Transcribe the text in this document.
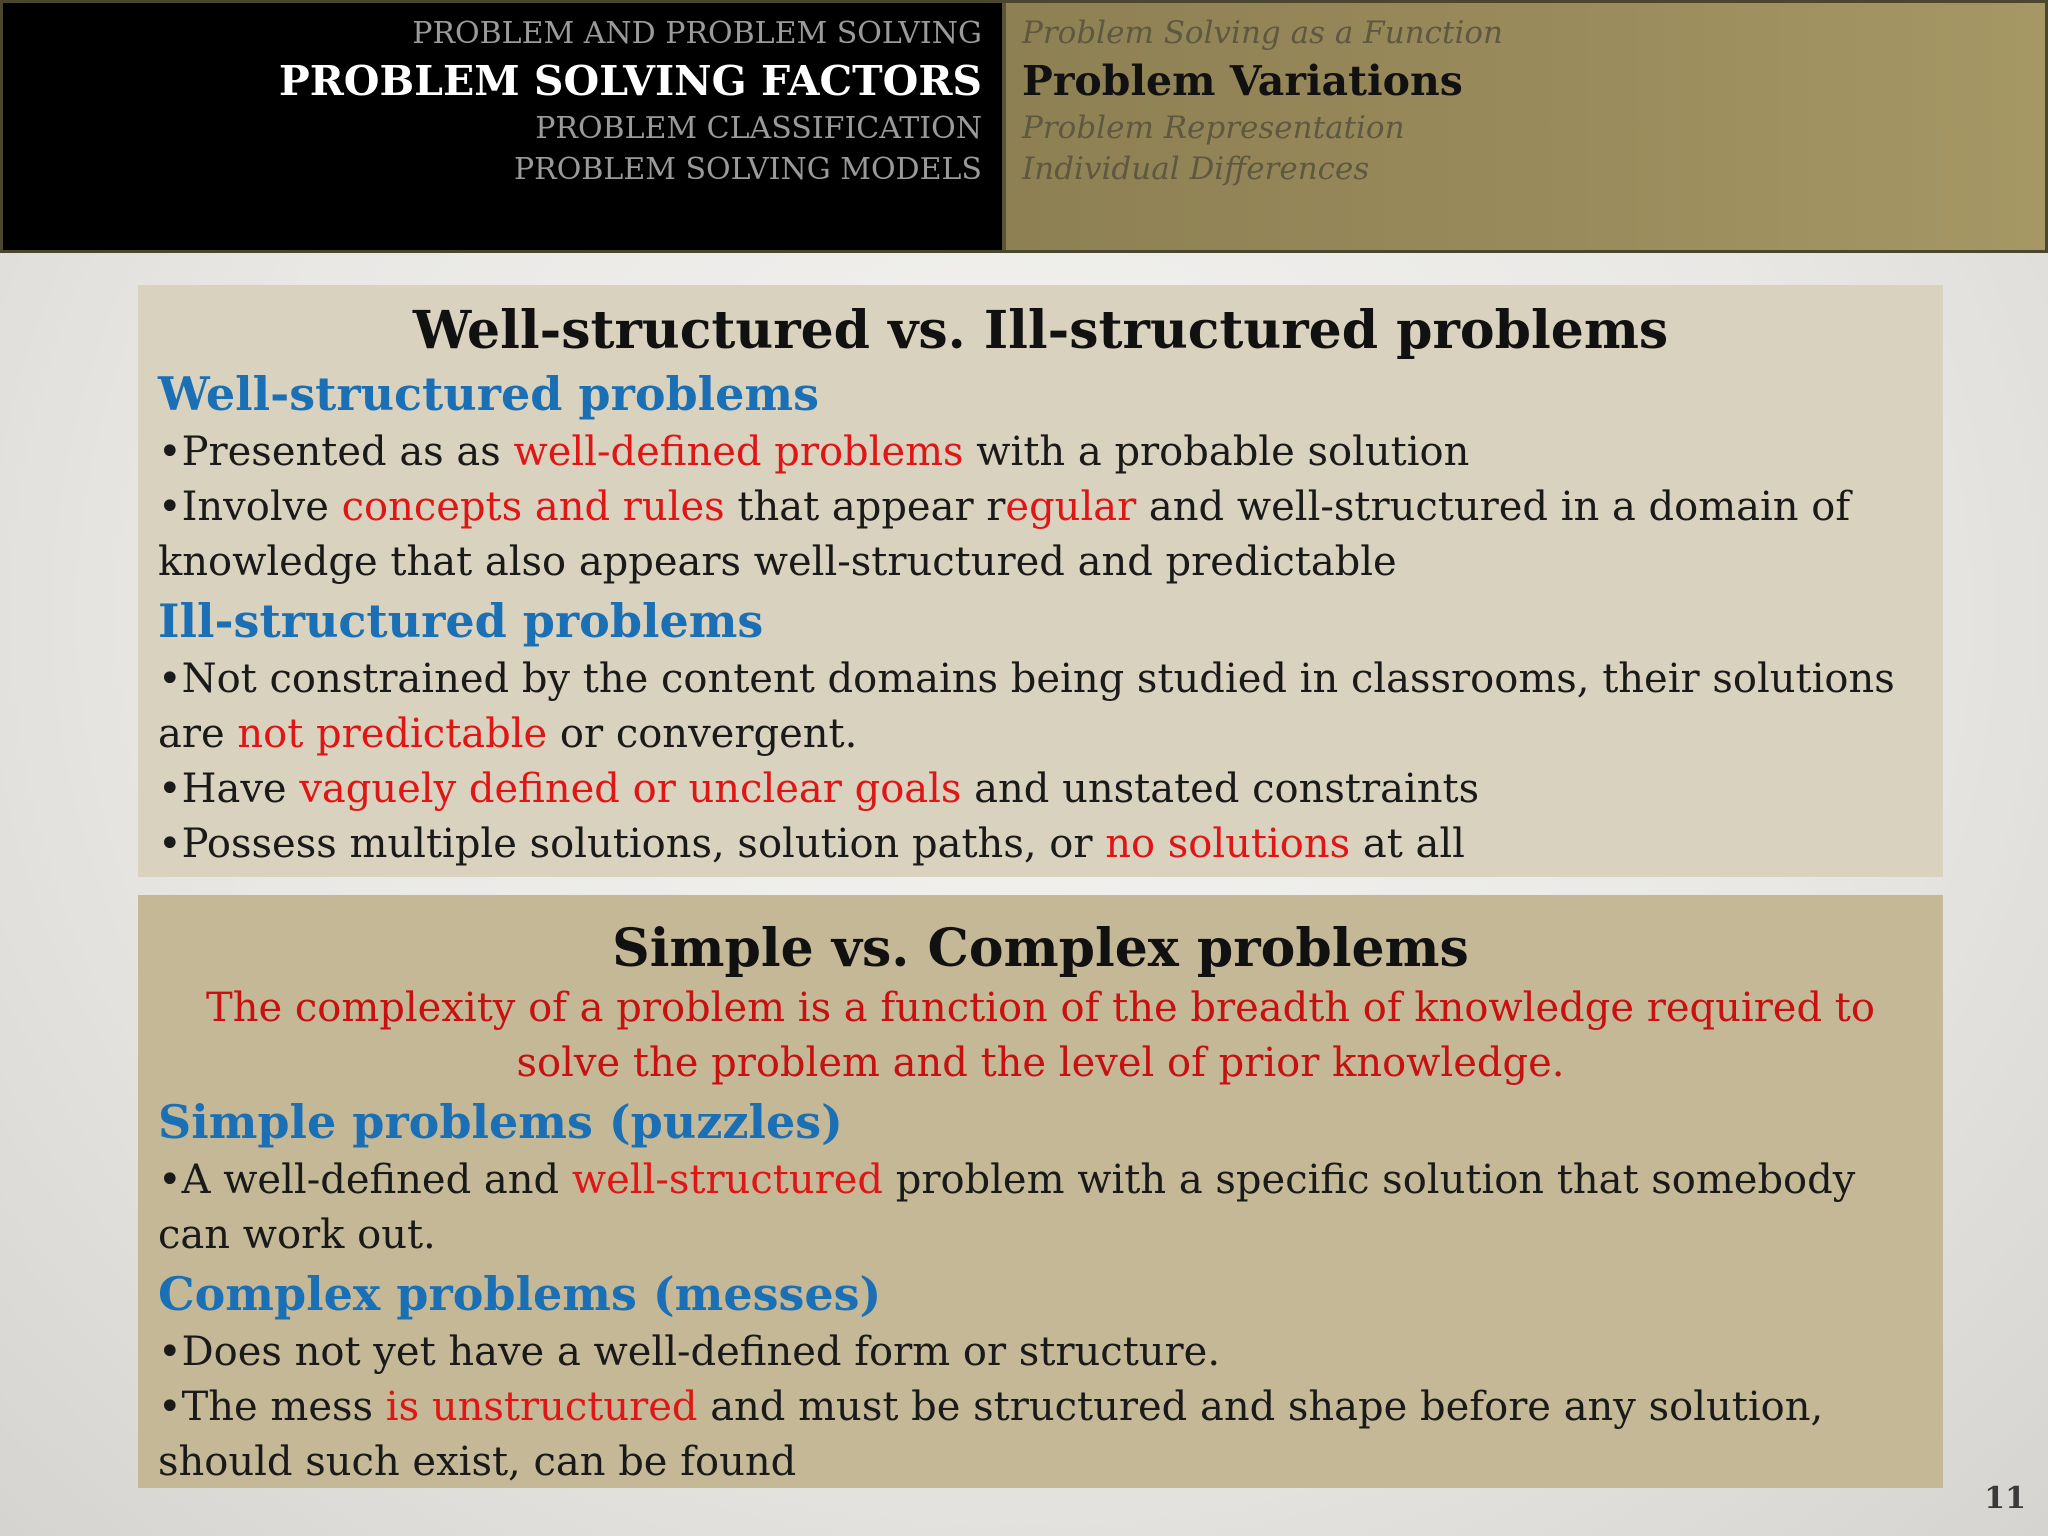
PROBLEM AND PROBLEM SOLVING
PROBLEM SOLVING FACTORS
PROBLEM CLASSIFICATION
PROBLEM SOLVING MODELS
Problem Solving as a Function
Problem Variations
Problem Representation
Individual Differences
Well-structured vs. Ill-structured problems
Well-structured problems
•Presented as as well-defined problems with a probable solution
•Involve concepts and rules that appear regular and well-structured in a domain of
knowledge that also appears well-structured and predictable
Ill-structured problems
•Not constrained by the content domains being studied in classrooms, their solutions
are not predictable or convergent.
•Have vaguely defined or unclear goals and unstated constraints
•Possess multiple solutions, solution paths, or no solutions at all
Simple vs. Complex problems
The complexity of a problem is a function of the breadth of knowledge required to
solve the problem and the level of prior knowledge.
Simple problems (puzzles)
•A well-defined and well-structured problem with a specific solution that somebody
can work out.
Complex problems (messes)
•Does not yet have a well-defined form or structure.
•The mess is unstructured and must be structured and shape before any solution,
should such exist, can be found
11
